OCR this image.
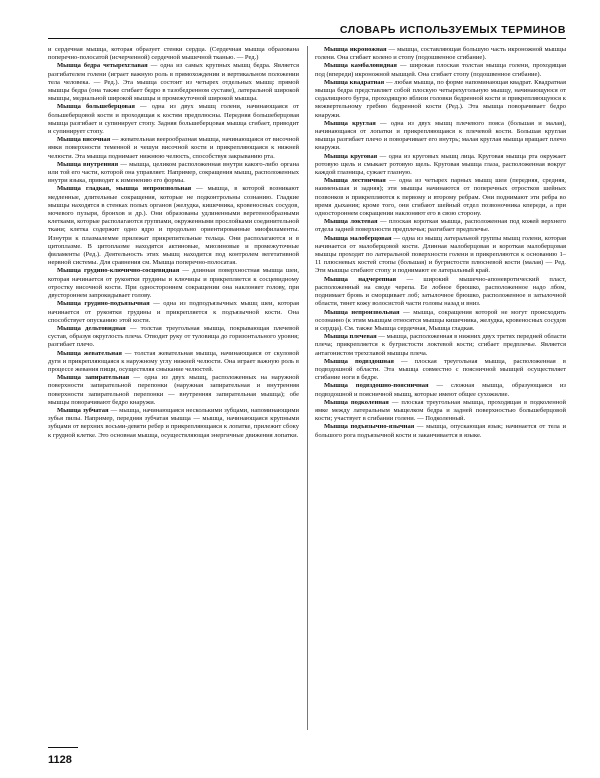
СЛОВАРЬ ИСПОЛЬЗУЕМЫХ ТЕРМИНОВ

и сердечная мышца, которая образует стенки сердца. (Сердечная мышца образована поперечно-полосатой (исчерченной) сердечной мышечной тканью. — Ред.)

Мышца бедра четырехглавая — одна из самых крупных мышц бедра. Является разгибателем голени (играет важную роль в прямохождении и вертикальном положении тела человека. — Ред.). Эта мышца состоит из четырех отдельных мышц: прямой мышцы бедра (она также сгибает бедро в тазобедренном суставе), латеральной широкой мышцы, медиальной широкой мышцы и промежуточной широкой мышцы.

Мышца большеберцовая — одна из двух мышц голени, начинающаяся от большеберцовой кости и проходящая к костям предплюсны. Передняя большеберцовая мышца разгибает и супинирует стопу. Задняя большеберцовая мышца сгибает, приводит и супинирует стопу.

Мышца височная — жевательная веерообразная мышца, начинающаяся от височной ямки поверхности теменной и чешуи височной кости и прикрепляющаяся к нижней челюсти. Эта мышца поднимает нижнюю челюсть, способствуя закрыванию рта.

Мышца внутренняя — мышца, целиком расположенная внутри какого-либо органа или той его части, которой она управляет. Например, сокращения мышц, расположенных внутри языка, приводят к изменению его формы.

Мышца гладкая, мышца непроизвольная — мышца, в которой возникают медленные, длительные сокращения, которые не подконтрольны сознанию. Гладкие мышцы находятся в стенках полых органов (желудка, кишечника, кровеносных сосудов, мочевого пузыря, бронхов и др.). Они образованы удлиненными веретенообразными клетками, которые располагаются группами, окруженными прослойками соединительной ткани; клетка содержит одно ядро и продольно ориентированные миофиламенты. Изнутри к плазмалемме прилежат прикрепительные тельца. Они располагаются и в цитоплазме. В цитоплазме находятся актиновые, миозиновые и промежуточные филаменты (Ред.). Деятельность этих мышц находится под контролем вегетативной нервной системы. Для сравнения см. Мышца поперечно-полосатая.

Мышца грудино-ключично-сосцевидная — длинная поверхностная мышца шеи, которая начинается от рукоятки грудины и ключицы и прикрепляется к сосцевидному отростку височной кости. При одностороннем сокращении она наклоняет голову, при двустороннем запрокидывает голову.

Мышца грудино-подъязычная — одна из подподъязычных мышц шеи, которая начинается от рукоятки грудины и прикрепляется к подъязычной кости. Она способствует опусканию этой кости.

Мышца дельтовидная — толстая треугольная мышца, покрывающая плечевой сустав, образуя округлость плеча. Отводит руку от туловища до горизонтального уровня; разгибает плечо.

Мышца жевательная — толстая жевательная мышца, начинающаяся от скуловой дуги и прикрепляющаяся к наружному углу нижней челюсти. Она играет важную роль в процессе жевания пищи, осуществляя смыкание челюстей.

Мышца запирательная — одна из двух мышц, расположенных на наружной поверхности запирательной перепонки (наружная запирательная и внутренняя поверхности запирательной перепонки — внутренняя запирательная мышца); обе мышцы поворачивают бедро кнаружи.

Мышца зубчатая — мышца, начинающаяся несколькими зубцами, напоминающими зубья пилы. Например, передняя зубчатая мышца — мышца, начинающаяся крупными зубцами от верхних восьми-девяти ребер и прикрепляющаяся к лопатке, прилежит сбоку к грудной клетке. Это основная мышца, осуществляющая энергичные движения лопатки.

Мышца икроножная — мышца, составляющая большую часть икроножной мышцы голени. Она сгибает колено и стопу (подошвенное сгибание).

Мышца камбаловидная — широкая плоская толстая мышца голени, проходящая под (впереди) икроножной мышцей. Она сгибает стопу (подошвенное сгибание).

Мышца квадратная — любая мышца, по форме напоминающая квадрат. Квадратная мышца бедра представляет собой плоскую четырехугольную мышцу, начинающуюся от седалищного бугра, проходящую вблизи головки бедренной кости и прикрепляющуюся к межвертельному гребню бедренной кости (Ред.). Эта мышца поворачивает бедро кнаружи.

Мышца круглая — одна из двух мышц плечевого пояса (большая и малая), начинающаяся от лопатки и прикрепляющаяся к плечевой кости. Большая круглая мышца разгибает плечо и поворачивает его внутрь; малая круглая мышца вращает плечо кнаружи.

Мышца круговая — одна из круговых мышц лица. Круговая мышца рта окружает ротовую щель и смыкает ротовую щель. Круговая мышца глаза, расположенная вокруг каждой глазницы, сужает глазную.

Мышца лестничная — одна из четырех парных мышц шеи (передняя, средняя, наименьшая и задняя); эти мышцы начинаются от поперечных отростков шейных позвонков и прикрепляются к первому и второму ребрам. Они поднимают эти ребра во время дыхания; кроме того, они сгибают шейный отдел позвоночника кпереди, а при одностороннем сокращении наклоняют его в свою сторону.

Мышца локтевая — плоская короткая мышца, расположенная под кожей верхнего отдела задней поверхности предплечья; разгибает предплечье.

Мышца малоберцовая — одна из мышц латеральной группы мышц голени, которая начинается от малоберцовой кости. Длинная малоберцовая и короткая малоберцовая мышцы проходят по латеральной поверхности голени и прикрепляются к основанию 1–11 плюсневых костей стопы (большая) и бугристости плюсневой кости (малая) — Ред. Эти мышцы сгибают стопу и поднимают ее латеральный край.

Мышца надчерепная — широкий мышечно-апоневротический пласт, расположенный на своде черепа. Ее лобное брюшко, расположенное надо лбом, поднимает бровь и сморщивает лоб; затылочное брюшко, расположенное в затылочной области, тянет кожу волосистой части головы назад и вниз.

Мышца непроизвольная — мышца, сокращения которой не могут происходить осознанно (к этим мышцам относятся мышцы кишечника, желудка, кровеносных сосудов и сердца). См. также Мышца сердечная, Мышца гладкая.

Мышца плечевая — мышца, расположенная в нижних двух третях передней области плеча; прикрепляется к бугристости локтевой кости; сгибает предплечье. Является антагонистом трехглавой мышцы плеча.

Мышца подвздошная — плоская треугольная мышца, расположенная в подвздошной области. Эта мышца совместно с поясничной мышцей осуществляет сгибание ноги в бедре.

Мышца подвздошно-поясничная — сложная мышца, образующаяся из подвздошной и поясничной мышц, которые имеют общее сухожилие.

Мышца подколенная — плоская треугольная мышца, проходящая в подколенной ямке между латеральным мыщелком бедра и задней поверхностью большеберцовой кости; участвует в сгибании голени. — Подколенный.

Мышца подъязычно-язычная — мышца, опускающая язык; начинается от тела и большого рога подъязычной кости и заканчивается в языке.

1128
